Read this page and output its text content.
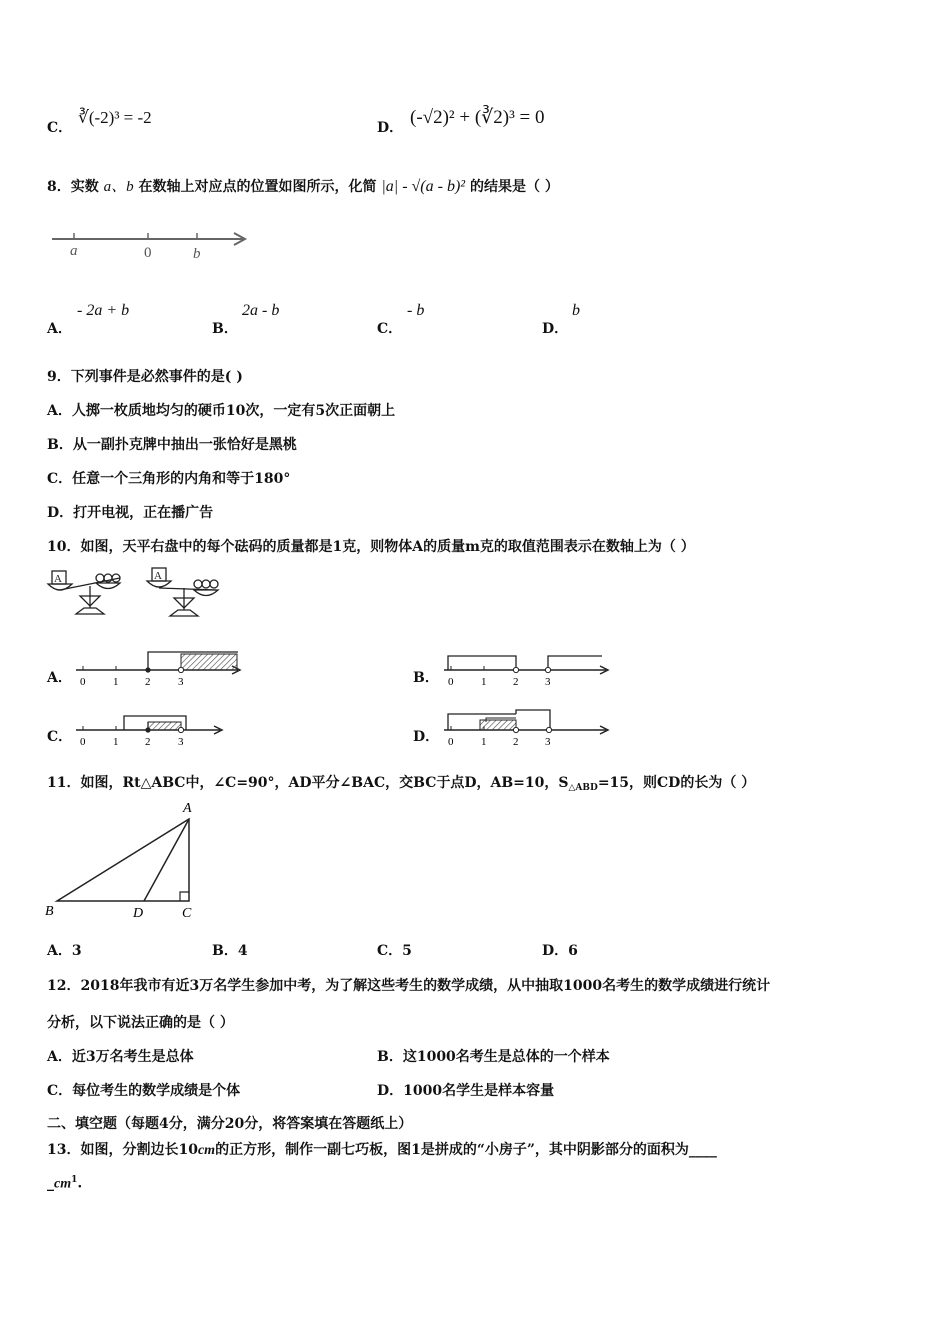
C．
∛(-2)³ = -2
D． (-√2)² + (∛2)³ = 0
8．实数 a、b 在数轴上对应点的位置如图所示，化简 |a| - √(a - b)² 的结果是（ ）
a	0	b
A．
- 2a + b
B．
2a - b
C．
- b
D．
b
9．下列事件是必然事件的是( )
A．人掷一枚质地均匀的硬币10次，一定有5次正面朝上
B．从一副扑克牌中抽出一张恰好是黑桃
C．任意一个三角形的内角和等于180°
D．打开电视，正在播广告
10．如图，天平右盘中的每个砝码的质量都是1克，则物体A的质量m克的取值范围表示在数轴上为（ ）
A	A
A． 0	1 2	3	B． 0	1 2 3
C． 0	1 2	3	D． 0	1 2 3
11．如图，Rt△ABC中，∠C=90°，AD平分∠BAC，交BC于点D，AB=10，$S_{\triangle ABD}=15$，则CD的长为（ ）
A
B	D	C
A．3	B．4	C．5	D．6
12．2018年我市有近3万名学生参加中考，为了解这些考生的数学成绩，从中抽取1000名考生的数学成绩进行统计
分析，以下说法正确的是（ ）
A．近3万名考生是总体	B．这1000名考生是总体的一个样本
C．每位考生的数学成绩是个体	D．1000名学生是样本容量
二、填空题（每题4分，满分20分，将答案填在答题纸上）
13．如图，分割边长10cm的正方形，制作一副七巧板，图1是拼成的“小房子”，其中阴影部分的面积为____
$\_cm^1$.
